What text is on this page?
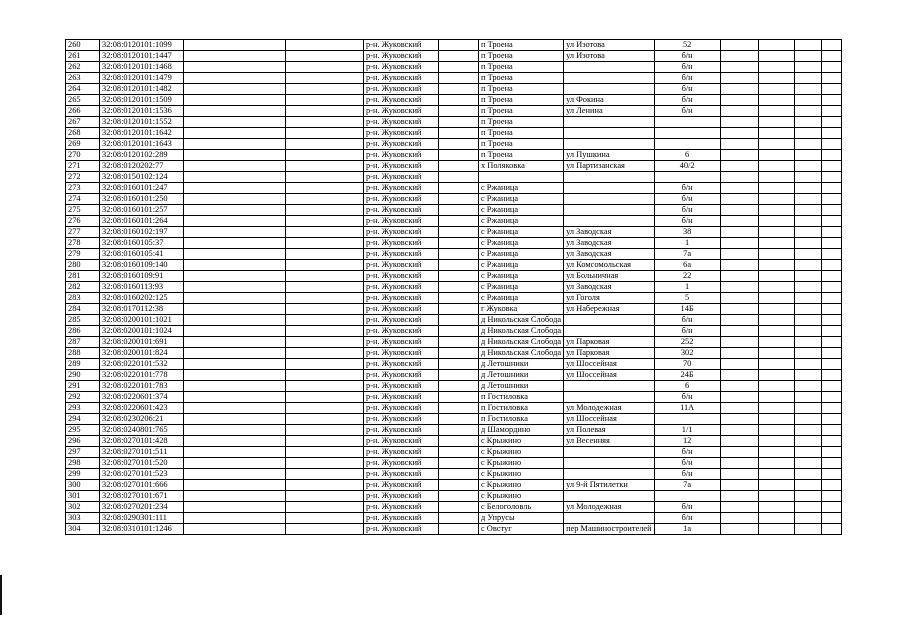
260	32:08:0120101:1099			р-н. Жуковский		п Троена	ул Изотова	52				
261	32:08:0120101:1447			р-н. Жуковский		п Троена	ул Изотова	б/н				
262	32:08:0120101:1468			р-н. Жуковский		п Троена		б/н				
263	32:08:0120101:1479			р-н. Жуковский		п Троена		б/н				
264	32:08:0120101:1482			р-н. Жуковский		п Троена		б/н				
265	32:08:0120101:1509			р-н. Жуковский		п Троена	ул Фокина	б/н				
266	32:08:0120101:1536			р-н. Жуковский		п Троена	ул Ленина	б/н				
267	32:08:0120101:1552			р-н. Жуковский		п Троена						
268	32:08:0120101:1642			р-н. Жуковский		п Троена						
269	32:08:0120101:1643			р-н. Жуковский		п Троена						
270	32:08:0120102:289			р-н. Жуковский		п Троена	ул Пушкина	6				
271	32:08:0120202:77			р-н. Жуковский		х Поляковка	ул Партизанская	40/2				
272	32:08:0150102:124			р-н. Жуковский								
273	32:08:0160101:247			р-н. Жуковский		с Ржаница		б/н				
274	32:08:0160101:250			р-н. Жуковский		с Ржаница		б/н				
275	32:08:0160101:257			р-н. Жуковский		с Ржаница		б/н				
276	32:08:0160101:264			р-н. Жуковский		с Ржаница		б/н				
277	32:08:0160102:197			р-н. Жуковский		с Ржаница	ул Заводская	38				
278	32:08:0160105:37			р-н. Жуковский		с Ржаница	ул Заводская	1				
279	32:08:0160105:41			р-н. Жуковский		с Ржаница	ул Заводская	7а				
280	32:08:0160109:140			р-н. Жуковский		с Ржаница	ул Комсомольская	6а				
281	32:08:0160109:91			р-н. Жуковский		с Ржаница	ул Больничная	22				
282	32:08:0160113:93			р-н. Жуковский		с Ржаница	ул Заводская	1				
283	32:08:0160202:125			р-н. Жуковский		с Ржаница	ул Гоголя	5				
284	32:08:0170112:38			р-н. Жуковский		г Жуковка	ул Набережная	14Б				
285	32:08:0200101:1021			р-н. Жуковский		д Никольская Слобода		б/н				
286	32:08:0200101:1024			р-н. Жуковский		д Никольская Слобода		б/н				
287	32:08:0200101:691			р-н. Жуковский		д Никольская Слобода	ул Парковая	252				
288	32:08:0200101:824			р-н. Жуковский		д Никольская Слобода	ул Парковая	302				
289	32:08:0220101:532			р-н. Жуковский		д Летошники	ул Шоссейная	70				
290	32:08:0220101:778			р-н. Жуковский		д Летошники	ул Шоссейная	24Б				
291	32:08:0220101:783			р-н. Жуковский		д Летошники		6				
292	32:08:0220601:374			р-н. Жуковский		п Гостиловка		б/н				
293	32:08:0220601:423			р-н. Жуковский		п Гостиловка	ул Молодежная	11А				
294	32:08:0230206:21			р-н. Жуковский		п Гостиловка	ул Шоссейная					
295	32:08:0240801:765			р-н. Жуковский		д Шамордино	ул Полевая	1/1				
296	32:08:0270101:428			р-н. Жуковский		с Крыжино	ул Весенняя	12				
297	32:08:0270101:511			р-н. Жуковский		с Крыжино		б/н				
298	32:08:0270101:520			р-н. Жуковский		с Крыжино		б/н				
299	32:08:0270101:523			р-н. Жуковский		с Крыжино		б/н				
300	32:08:0270101:666			р-н. Жуковский		с Крыжино	ул 9-й Пятилетки	7а				
301	32:08:0270101:671			р-н. Жуковский		с Крыжино						
302	32:08:0270201:234			р-н. Жуковский		с Белоголовль	ул Молодежная	б/н				
303	32:08:0290301:111			р-н. Жуковский		д Упрусы		б/н				
304	32:08:0310101:1246			р-н. Жуковский		с Овстуг	пер Машиностроителей	1а				
